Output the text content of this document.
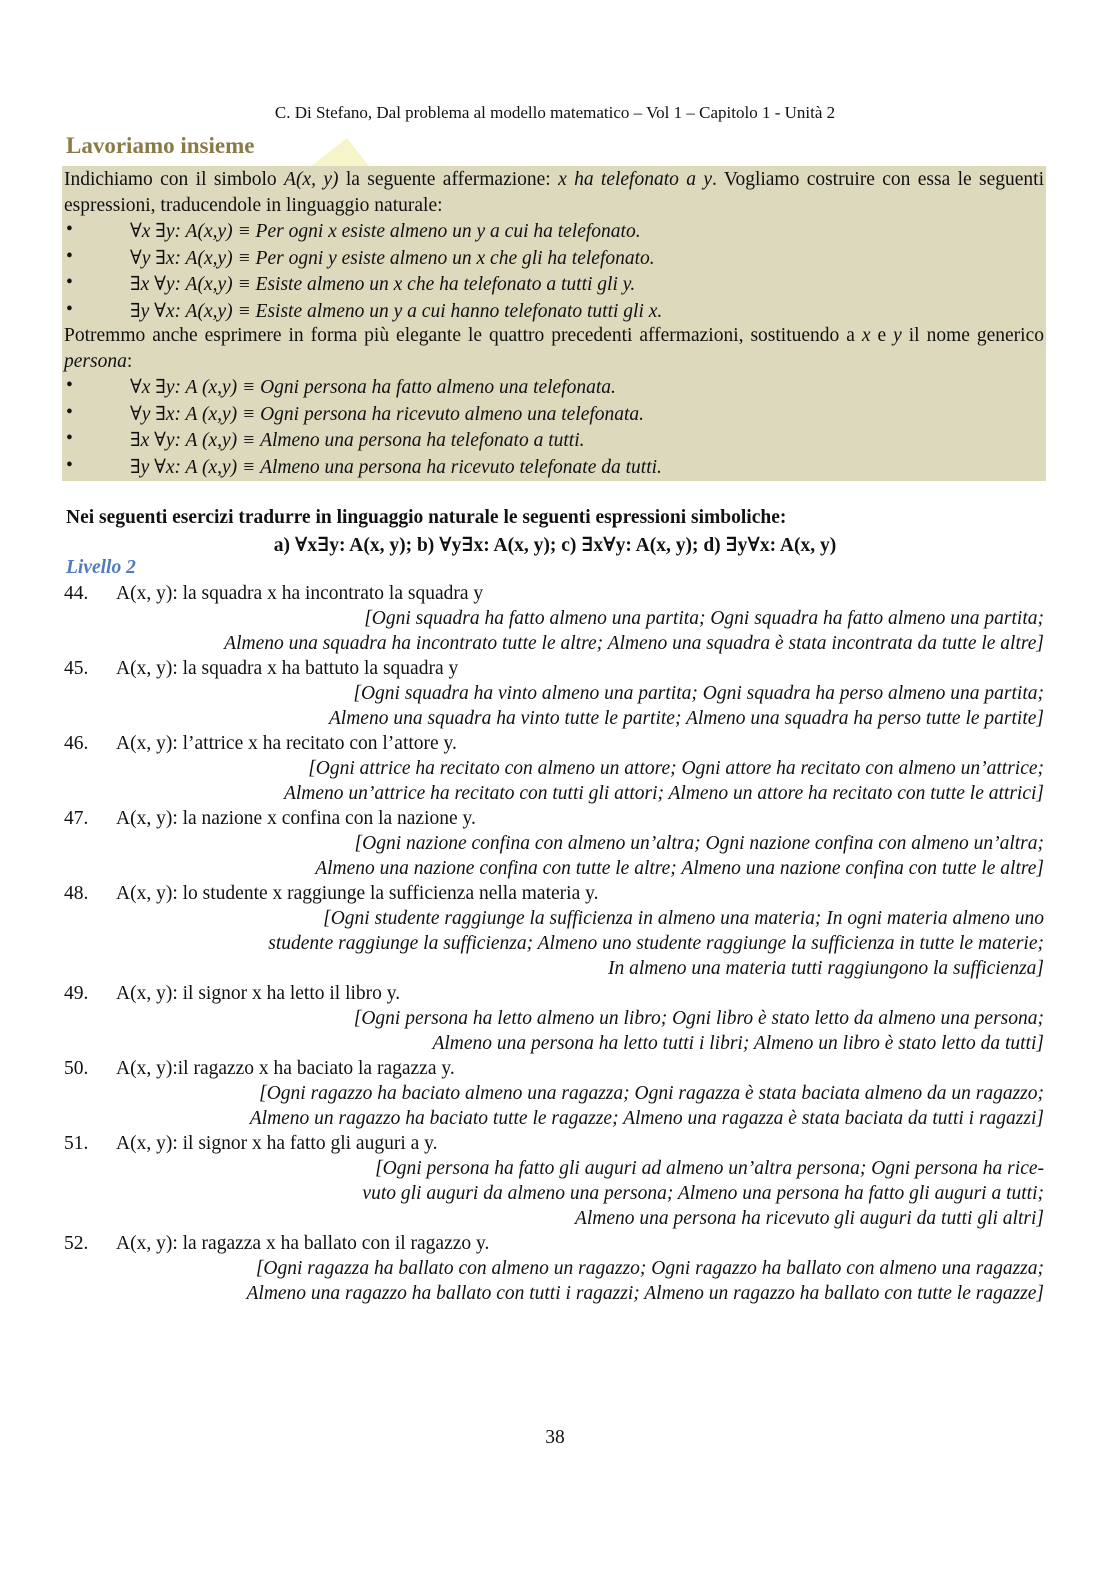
C. Di Stefano, Dal problema al modello matematico – Vol 1 – Capitolo 1 - Unità 2
Lavoriamo insieme
Indichiamo con il simbolo A(x, y) la seguente affermazione: x ha telefonato a y. Vogliamo costruire con essa le seguenti espressioni, traducendole in linguaggio naturale:
•	∀x ∃y: A(x,y) ≡ Per ogni x esiste almeno un y a cui ha telefonato.
•	∀y ∃x: A(x,y) ≡ Per ogni y esiste almeno un x che gli ha telefonato.
•	∃x ∀y: A(x,y) ≡ Esiste almeno un x che ha telefonato a tutti gli y.
•	∃y ∀x: A(x,y) ≡ Esiste almeno un y a cui hanno telefonato tutti gli x.
Potremmo anche esprimere in forma più elegante le quattro precedenti affermazioni, sostituendo a x e y il nome generico persona:
•	∀x ∃y: A (x,y) ≡ Ogni persona ha fatto almeno una telefonata.
•	∀y ∃x: A (x,y) ≡ Ogni persona ha ricevuto almeno una telefonata.
•	∃x ∀y: A (x,y) ≡ Almeno una persona ha telefonato a tutti.
•	∃y ∀x: A (x,y) ≡ Almeno una persona ha ricevuto telefonate da tutti.
Nei seguenti esercizi tradurre in linguaggio naturale le seguenti espressioni simboliche:
a) ∀x∃y: A(x, y); b) ∀y∃x: A(x, y); c) ∃x∀y: A(x, y); d) ∃y∀x: A(x, y)
Livello 2
44. A(x, y): la squadra x ha incontrato la squadra y
[Ogni squadra ha fatto almeno una partita; Ogni squadra ha fatto almeno una partita;
Almeno una squadra ha incontrato tutte le altre; Almeno una squadra è stata incontrata da tutte le altre]
45. A(x, y): la squadra x ha battuto la squadra y
[Ogni squadra ha vinto almeno una partita; Ogni squadra ha perso almeno una partita;
Almeno una squadra ha vinto tutte le partite; Almeno una squadra ha perso tutte le partite]
46. A(x, y): l’attrice x ha recitato con l’attore y.
[Ogni attrice ha recitato con almeno un attore; Ogni attore ha recitato con almeno un’attrice;
Almeno un’attrice ha recitato con tutti gli attori; Almeno un attore ha recitato con tutte le attrici]
47. A(x, y): la nazione x confina con la nazione y.
[Ogni nazione confina con almeno un’altra; Ogni nazione confina con almeno un’altra;
Almeno una nazione confina con tutte le altre; Almeno una nazione confina con tutte le altre]
48. A(x, y): lo studente x raggiunge la sufficienza nella materia y.
[Ogni studente raggiunge la sufficienza in almeno una materia; In ogni materia almeno uno
studente raggiunge la sufficienza; Almeno uno studente raggiunge la sufficienza in tutte le materie;
In almeno una materia tutti raggiungono la sufficienza]
49. A(x, y): il signor x ha letto il libro y.
[Ogni persona ha letto almeno un libro; Ogni libro è stato letto da almeno una persona;
Almeno una persona ha letto tutti i libri; Almeno un libro è stato letto da tutti]
50. A(x, y):il ragazzo x ha baciato la ragazza y.
[Ogni ragazzo ha baciato almeno una ragazza; Ogni ragazza è stata baciata almeno da un ragazzo;
Almeno un ragazzo ha baciato tutte le ragazze; Almeno una ragazza è stata baciata da tutti i ragazzi]
51. A(x, y): il signor x ha fatto gli auguri a y.
[Ogni persona ha fatto gli auguri ad almeno un’altra persona; Ogni persona ha rice-
vuto gli auguri da almeno una persona; Almeno una persona ha fatto gli auguri a tutti;
Almeno una persona ha ricevuto gli auguri da tutti gli altri]
52. A(x, y): la ragazza x ha ballato con il ragazzo y.
[Ogni ragazza ha ballato con almeno un ragazzo; Ogni ragazzo ha ballato con almeno una ragazza;
Almeno una ragazzo ha ballato con tutti i ragazzi; Almeno un ragazzo ha ballato con tutte le ragazze]
38
